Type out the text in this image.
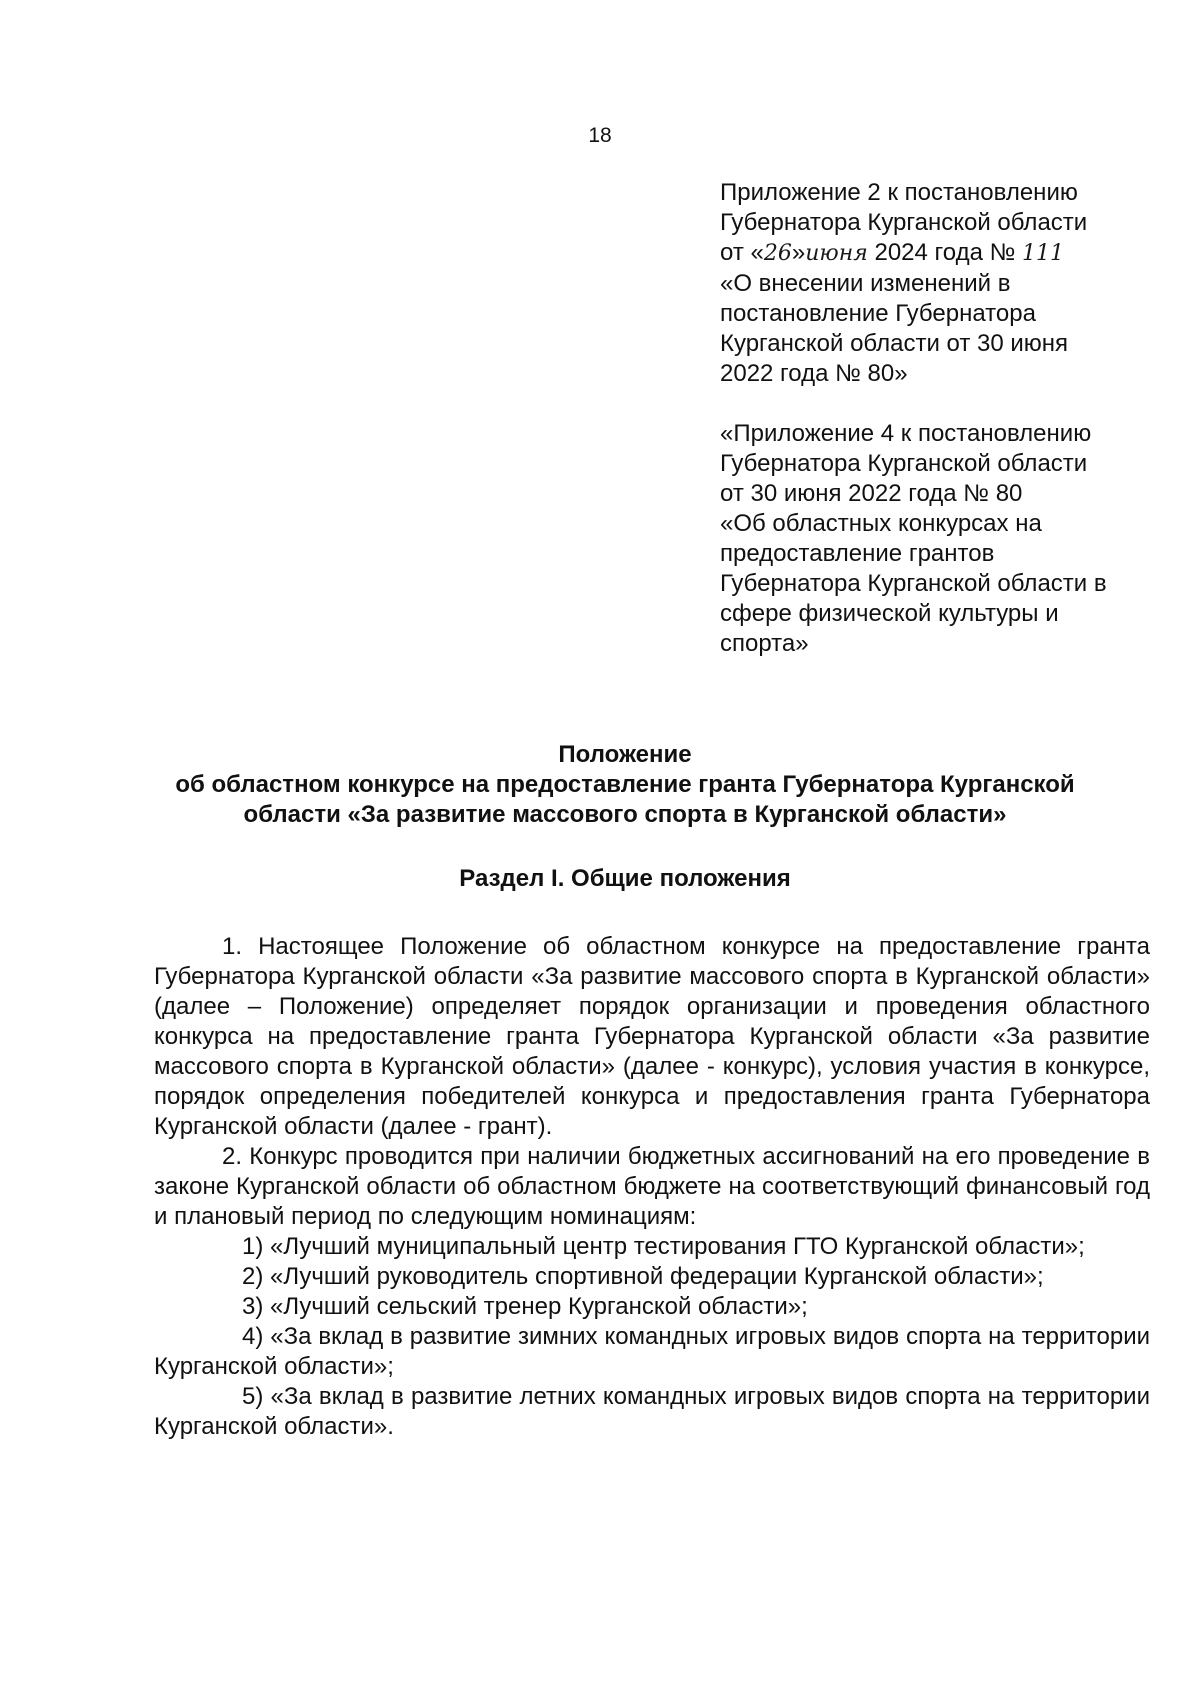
18

Приложение 2 к постановлению

Губернатора Курганской области

от «26»июня 2024 года № 111

«О внесении изменений в

постановление Губернатора

Курганской области от 30 июня

2022 года № 80»

«Приложение 4 к постановлению

Губернатора Курганской области

от 30 июня 2022 года № 80

«Об областных конкурсах на

предоставление грантов

Губернатора Курганской области в

сфере физической культуры и

спорта»

Положение

об областном конкурсе на предоставление гранта Губернатора Курганской

области «За развитие массового спорта в Курганской области»

Раздел I. Общие положения

1. Настоящее Положение об областном конкурсе на предоставление гранта Губернатора Курганской области «За развитие массового спорта в Курганской области» (далее – Положение) определяет порядок организации и проведения областного конкурса на предоставление гранта Губернатора Курганской области «За развитие массового спорта в Курганской области» (далее - конкурс), условия участия в конкурсе, порядок определения победителей конкурса и предоставления гранта Губернатора Курганской области (далее - грант).

2. Конкурс проводится при наличии бюджетных ассигнований на его проведение в законе Курганской области об областном бюджете на соответствующий финансовый год и плановый период по следующим номинациям:

1) «Лучший муниципальный центр тестирования ГТО Курганской области»;

2) «Лучший руководитель спортивной федерации Курганской области»;

3) «Лучший сельский тренер Курганской области»;

4) «За вклад в развитие зимних командных игровых видов спорта на территории Курганской области»;

5) «За вклад в развитие летних командных игровых видов спорта на территории Курганской области».
